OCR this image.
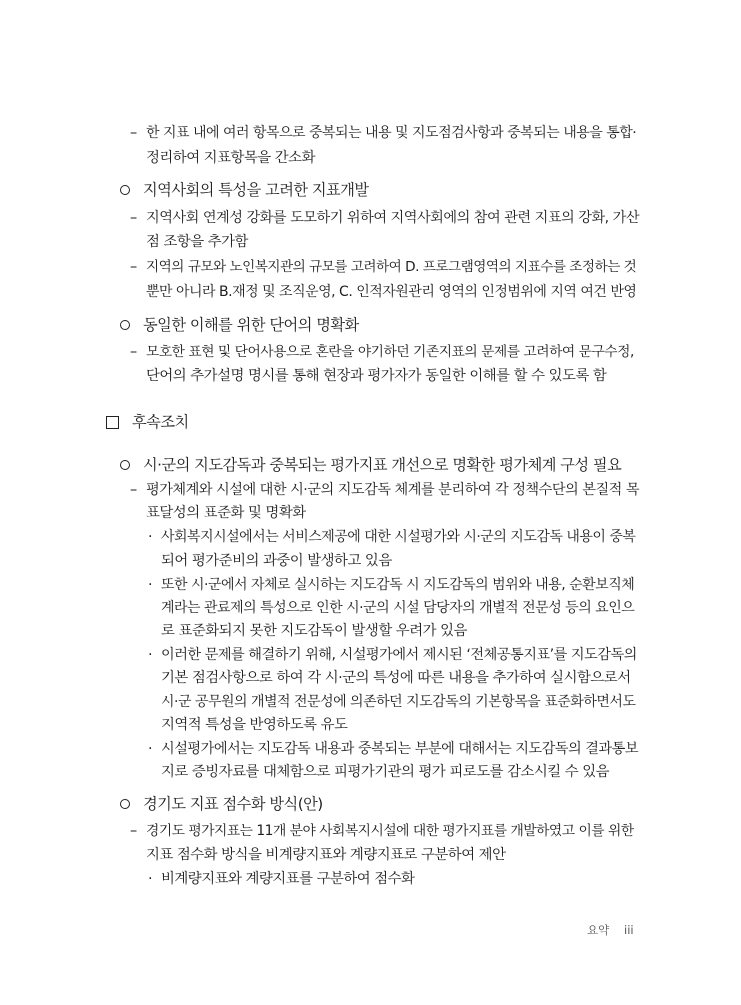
– 한 지표 내에 여러 항목으로 중복되는 내용 및 지도점검사항과 중복되는 내용을 통합·
정리하여 지표항목을 간소화
지역사회의 특성을 고려한 지표개발
– 지역사회 연계성 강화를 도모하기 위하여 지역사회에의 참여 관련 지표의 강화, 가산
점 조항을 추가함
– 지역의 규모와 노인복지관의 규모를 고려하여 D. 프로그램영역의 지표수를 조정하는 것
뿐만 아니라 B.재정 및 조직운영, C. 인적자원관리 영역의 인정범위에 지역 여건 반영
동일한 이해를 위한 단어의 명확화
– 모호한 표현 및 단어사용으로 혼란을 야기하던 기존지표의 문제를 고려하여 문구수정,
단어의 추가설명 명시를 통해 현장과 평가자가 동일한 이해를 할 수 있도록 함
후속조치
시·군의 지도감독과 중복되는 평가지표 개선으로 명확한 평가체계 구성 필요
– 평가체계와 시설에 대한 시·군의 지도감독 체계를 분리하여 각 정책수단의 본질적 목
표달성의 표준화 및 명확화
· 사회복지시설에서는 서비스제공에 대한 시설평가와 시·군의 지도감독 내용이 중복
되어 평가준비의 과중이 발생하고 있음
· 또한 시·군에서 자체로 실시하는 지도감독 시 지도감독의 범위와 내용, 순환보직체
계라는 관료제의 특성으로 인한 시·군의 시설 담당자의 개별적 전문성 등의 요인으
로 표준화되지 못한 지도감독이 발생할 우려가 있음
· 이러한 문제를 해결하기 위해, 시설평가에서 제시된 ‘전체공통지표’를 지도감독의
기본 점검사항으로 하여 각 시·군의 특성에 따른 내용을 추가하여 실시함으로서
시·군 공무원의 개별적 전문성에 의존하던 지도감독의 기본항목을 표준화하면서도
지역적 특성을 반영하도록 유도
· 시설평가에서는 지도감독 내용과 중복되는 부분에 대해서는 지도감독의 결과통보
지로 증빙자료를 대체함으로 피평가기관의 평가 피로도를 감소시킬 수 있음
경기도 지표 점수화 방식(안)
– 경기도 평가지표는 11개 분야 사회복지시설에 대한 평가지표를 개발하였고 이를 위한
지표 점수화 방식을 비계량지표와 계량지표로 구분하여 제안
· 비계량지표와 계량지표를 구분하여 점수화
요약 iii
